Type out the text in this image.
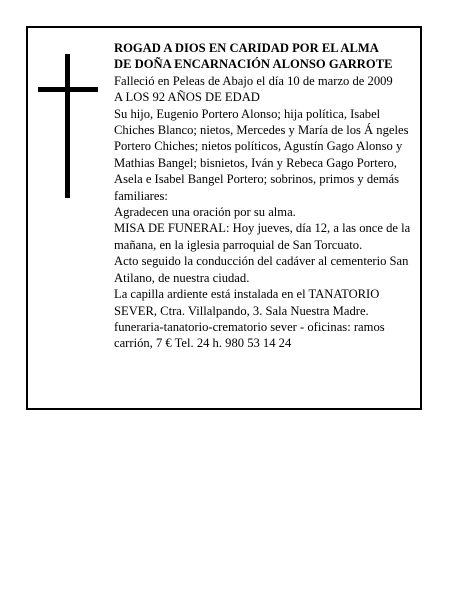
ROGAD A DIOS EN CARIDAD POR EL ALMA

DE DOÑA ENCARNACIÓN ALONSO GARROTE

Falleció en Peleas de Abajo el día 10 de marzo de 2009

A LOS 92 AÑOS DE EDAD

Su hijo, Eugenio Portero Alonso; hija política, Isabel Chiches Blanco; nietos, Mercedes y María de los Á ngeles Portero Chiches; nietos políticos, Agustín Gago Alonso y Mathias Bangel; bisnietos, Iván y Rebeca Gago Portero, Asela e Isabel Bangel Portero; sobrinos, primos y demás familiares:

Agradecen una oración por su alma.

MISA DE FUNERAL: Hoy jueves, día 12, a las once de la mañana, en la iglesia parroquial de San Torcuato.

Acto seguido la conducción del cadáver al cementerio San Atilano, de nuestra ciudad.

La capilla ardiente está instalada en el TANATORIO SEVER, Ctra. Villalpando, 3. Sala Nuestra Madre.

funeraria-tanatorio-crematorio sever - oficinas: ramos carrión, 7 € Tel. 24 h. 980 53 14 24
